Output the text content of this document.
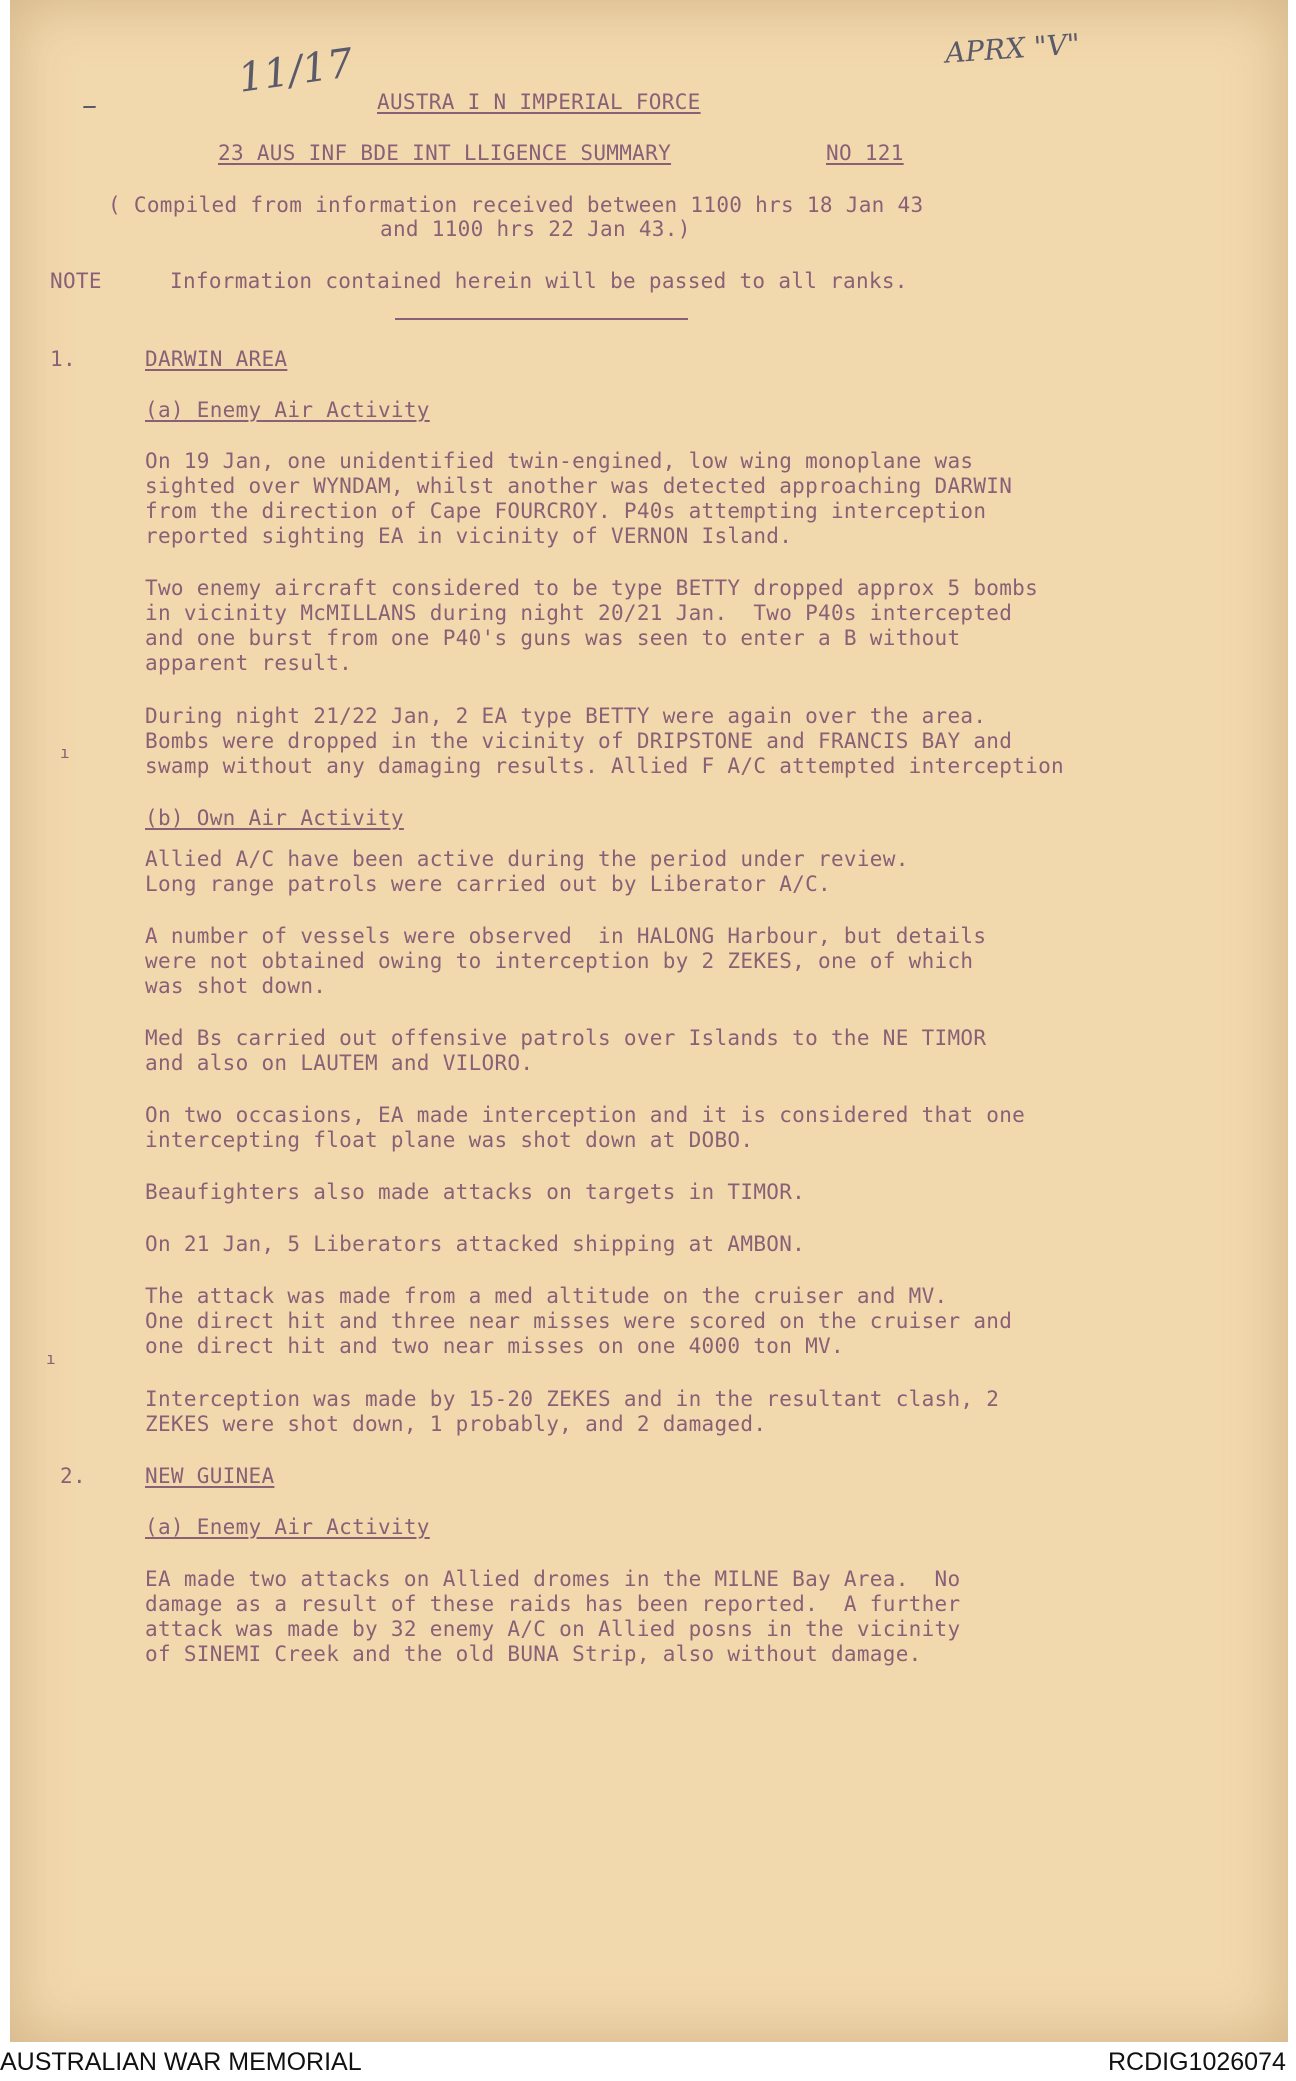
11/17	APRX "V"
–	AUSTRA I N IMPERIAL FORCE
23 AUS INF BDE INT LLIGENCE SUMMARY	NO 121
( Compiled from information received between 1100 hrs 18 Jan 43
and 1100 hrs 22 Jan 43.)
NOTE	Information contained herein will be passed to all ranks.
1.	DARWIN AREA
(a) Enemy Air Activity
On 19 Jan, one unidentified twin-engined, low wing monoplane was
sighted over WYNDAM, whilst another was detected approaching DARWIN
from the direction of Cape FOURCROY. P40s attempting interception
reported sighting EA in vicinity of VERNON Island.
Two enemy aircraft considered to be type BETTY dropped approx 5 bombs
in vicinity McMILLANS during night 20/21 Jan.  Two P40s intercepted
and one burst from one P40's guns was seen to enter a B without
apparent result.
During night 21/22 Jan, 2 EA type BETTY were again over the area.
Bombs were dropped in the vicinity of DRIPSTONE and FRANCIS BAY and
swamp without any damaging results. Allied F A/C attempted interception
(b) Own Air Activity
Allied A/C have been active during the period under review.
Long range patrols were carried out by Liberator A/C.
A number of vessels were observed  in HALONG Harbour, but details
were not obtained owing to interception by 2 ZEKES, one of which
was shot down.
Med Bs carried out offensive patrols over Islands to the NE TIMOR
and also on LAUTEM and VILORO.
On two occasions, EA made interception and it is considered that one
intercepting float plane was shot down at DOBO.
Beaufighters also made attacks on targets in TIMOR.
On 21 Jan, 5 Liberators attacked shipping at AMBON.
The attack was made from a med altitude on the cruiser and MV.
One direct hit and three near misses were scored on the cruiser and
one direct hit and two near misses on one 4000 ton MV.
Interception was made by 15-20 ZEKES and in the resultant clash, 2
ZEKES were shot down, 1 probably, and 2 damaged.
2.	NEW GUINEA
(a) Enemy Air Activity
EA made two attacks on Allied dromes in the MILNE Bay Area.  No
damage as a result of these raids has been reported.  A further
attack was made by 32 enemy A/C on Allied posns in the vicinity
of SINEMI Creek and the old BUNA Strip, also without damage.
ı
ı
AUSTRALIAN WAR MEMORIAL	RCDIG1026074
